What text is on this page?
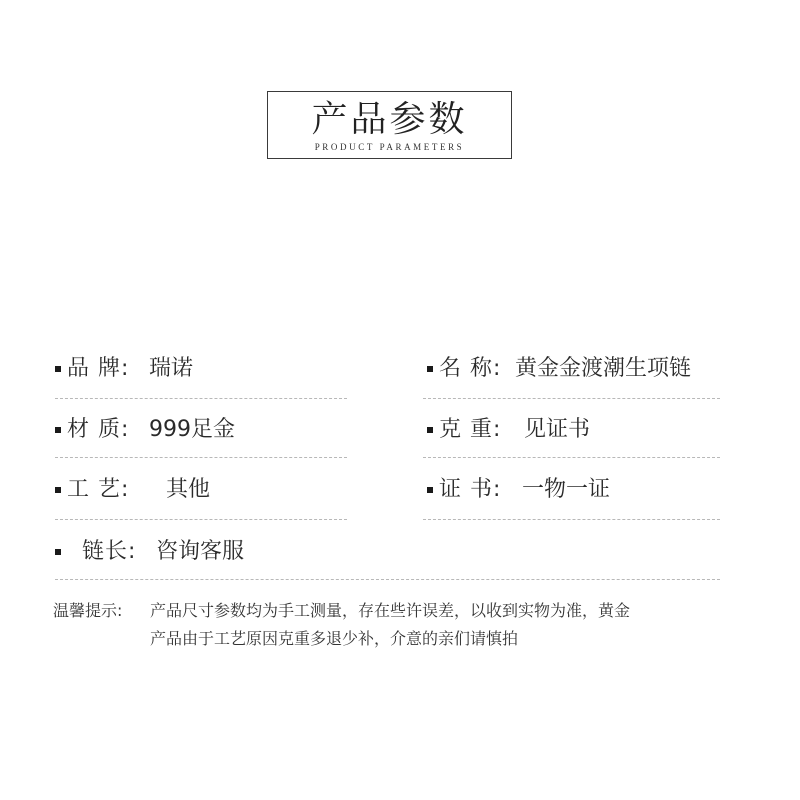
产品参数
PRODUCT PARAMETERS
品 牌: 瑞诺	名 称: 黄金金渡潮生项链
材 质: 999足金	克 重: 见证书
工 艺: 其他	证 书: 一物一证
链长: 咨询客服
温馨提示: 产品尺寸参数均为手工测量，存在些许误差，以收到实物为准，黄金
产品由于工艺原因克重多退少补，介意的亲们请慎拍
